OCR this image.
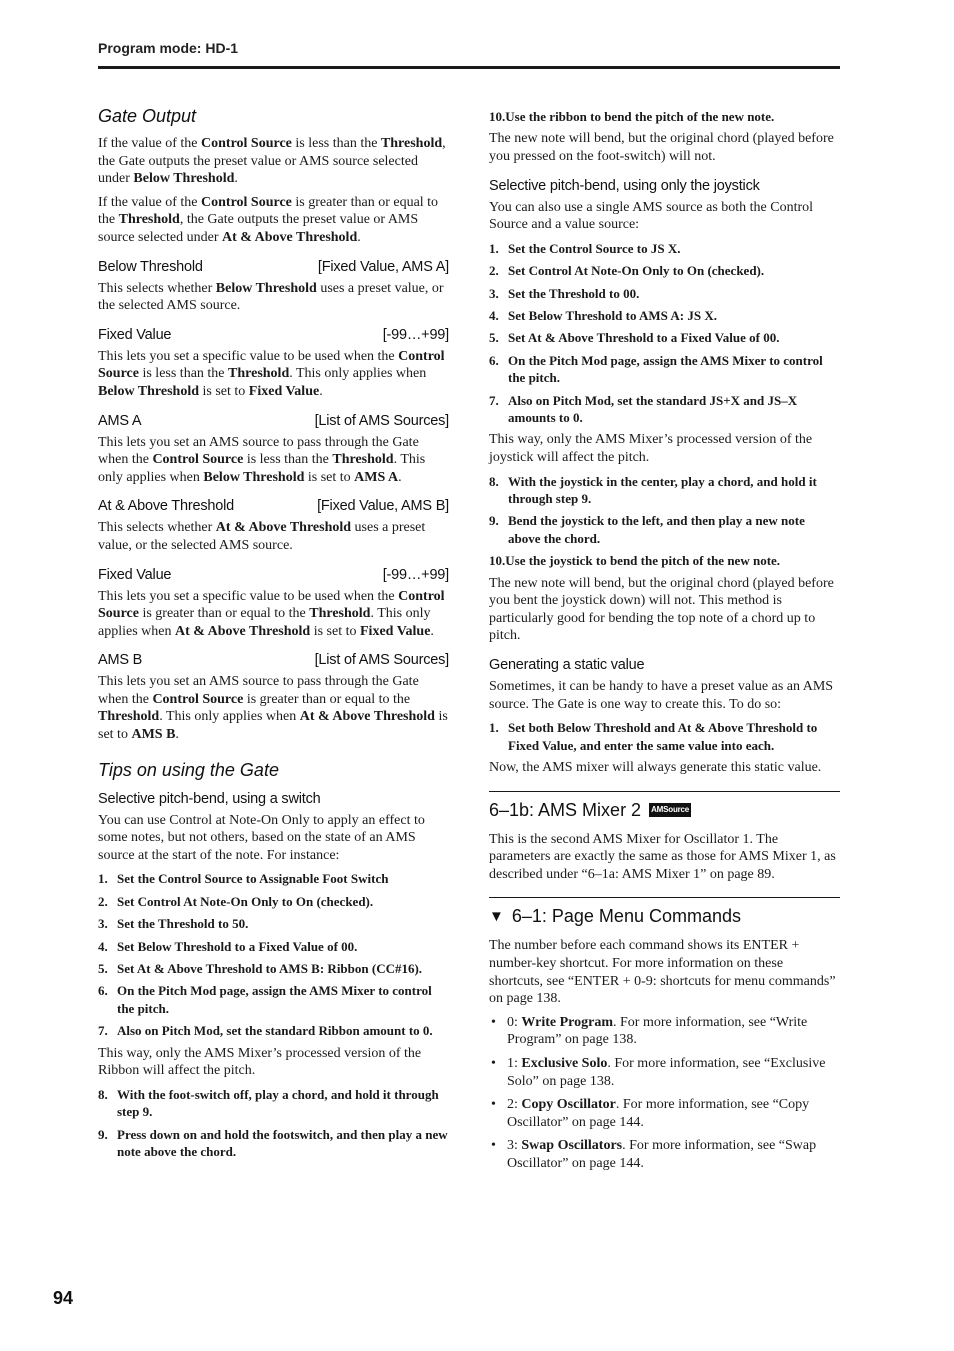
Program mode: HD-1
Gate Output

If the value of the Control Source is less than the Threshold, the Gate outputs the preset value or AMS source selected under Below Threshold.

If the value of the Control Source is greater than or equal to the Threshold, the Gate outputs the preset value or AMS source selected under At & Above Threshold.

Below Threshold	[Fixed Value, AMS A]

This selects whether Below Threshold uses a preset value, or the selected AMS source.

Fixed Value	[-99…+99]

This lets you set a specific value to be used when the Control Source is less than the Threshold. This only applies when Below Threshold is set to Fixed Value.

AMS A	[List of AMS Sources]

This lets you set an AMS source to pass through the Gate when the Control Source is less than the Threshold. This only applies when Below Threshold is set to AMS A.

At & Above Threshold	[Fixed Value, AMS B]

This selects whether At & Above Threshold uses a preset value, or the selected AMS source.

Fixed Value	[-99…+99]

This lets you set a specific value to be used when the Control Source is greater than or equal to the Threshold. This only applies when At & Above Threshold is set to Fixed Value.

AMS B	[List of AMS Sources]

This lets you set an AMS source to pass through the Gate when the Control Source is greater than or equal to the Threshold. This only applies when At & Above Threshold is set to AMS B.

Tips on using the Gate
Selective pitch-bend, using a switch

You can use Control at Note-On Only to apply an effect to some notes, but not others, based on the state of an AMS source at the start of the note. For instance:

1. Set the Control Source to Assignable Foot Switch
2. Set Control At Note-On Only to On (checked).
3. Set the Threshold to 50.
4. Set Below Threshold to a Fixed Value of 00.
5. Set At & Above Threshold to AMS B: Ribbon (CC#16).
6. On the Pitch Mod page, assign the AMS Mixer to control the pitch.
7. Also on Pitch Mod, set the standard Ribbon amount to 0.

This way, only the AMS Mixer’s processed version of the Ribbon will affect the pitch.

8. With the foot-switch off, play a chord, and hold it through step 9.
9. Press down on and hold the footswitch, and then play a new note above the chord.
10.Use the ribbon to bend the pitch of the new note.

The new note will bend, but the original chord (played before you pressed on the foot-switch) will not.

Selective pitch-bend, using only the joystick

You can also use a single AMS source as both the Control Source and a value source:

1. Set the Control Source to JS X.
2. Set Control At Note-On Only to On (checked).
3. Set the Threshold to 00.
4. Set Below Threshold to AMS A: JS X.
5. Set At & Above Threshold to a Fixed Value of 00.
6. On the Pitch Mod page, assign the AMS Mixer to control the pitch.
7. Also on Pitch Mod, set the standard JS+X and JS–X amounts to 0.

This way, only the AMS Mixer’s processed version of the joystick will affect the pitch.

8. With the joystick in the center, play a chord, and hold it through step 9.
9. Bend the joystick to the left, and then play a new note above the chord.
10.Use the joystick to bend the pitch of the new note.

The new note will bend, but the original chord (played before you bent the joystick down) will not. This method is particularly good for bending the top note of a chord up to pitch.

Generating a static value

Sometimes, it can be handy to have a preset value as an AMS source. The Gate is one way to create this. To do so:

1. Set both Below Threshold and At & Above Threshold to Fixed Value, and enter the same value into each.

Now, the AMS mixer will always generate this static value.

6–1b: AMS Mixer 2 AMSource

This is the second AMS Mixer for Oscillator 1. The parameters are exactly the same as those for AMS Mixer 1, as described under “6–1a: AMS Mixer 1” on page 89.

▼ 6–1: Page Menu Commands

The number before each command shows its ENTER + number-key shortcut. For more information on these shortcuts, see “ENTER + 0-9: shortcuts for menu commands” on page 138.

• 0: Write Program. For more information, see “Write Program” on page 138.
• 1: Exclusive Solo. For more information, see “Exclusive Solo” on page 138.
• 2: Copy Oscillator. For more information, see “Copy Oscillator” on page 144.
• 3: Swap Oscillators. For more information, see “Swap Oscillator” on page 144.
94
